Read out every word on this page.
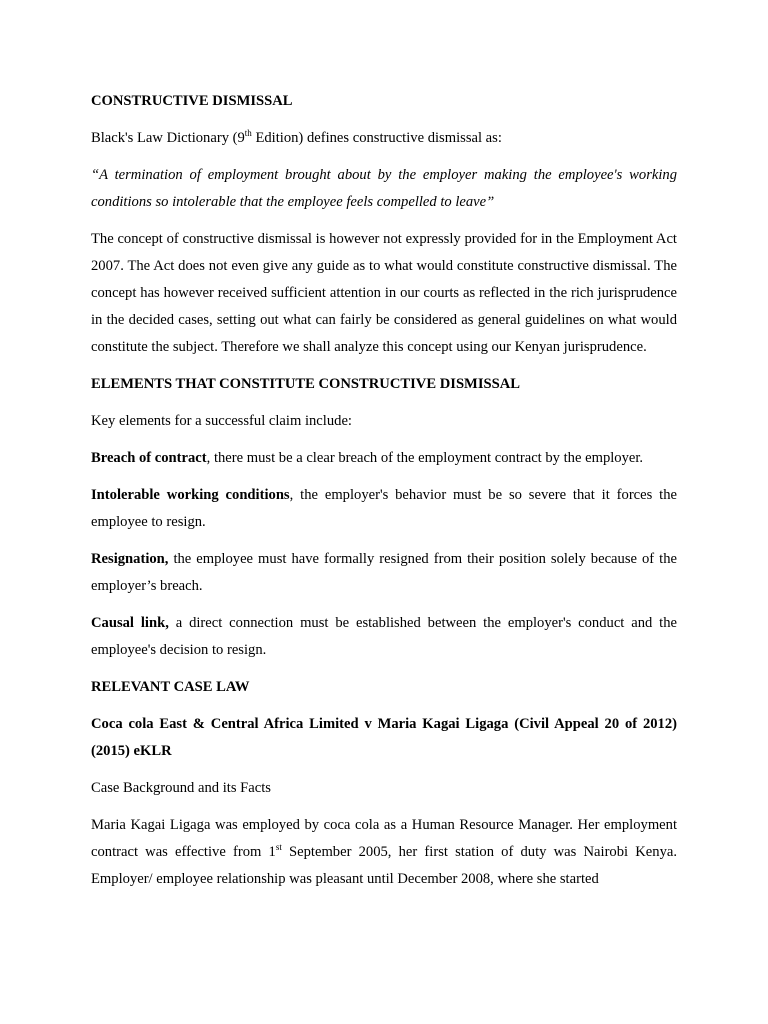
CONSTRUCTIVE DISMISSAL

Black's Law Dictionary (9th Edition) defines constructive dismissal as:

“A termination of employment brought about by the employer making the employee's working conditions so intolerable that the employee feels compelled to leave”

The concept of constructive dismissal is however not expressly provided for in the Employment Act 2007. The Act does not even give any guide as to what would constitute constructive dismissal. The concept has however received sufficient attention in our courts as reflected in the rich jurisprudence in the decided cases, setting out what can fairly be considered as general guidelines on what would constitute the subject. Therefore we shall analyze this concept using our Kenyan jurisprudence.

ELEMENTS THAT CONSTITUTE CONSTRUCTIVE DISMISSAL

Key elements for a successful claim include:

Breach of contract, there must be a clear breach of the employment contract by the employer.

Intolerable working conditions, the employer's behavior must be so severe that it forces the employee to resign.

Resignation, the employee must have formally resigned from their position solely because of the employer’s breach.

Causal link, a direct connection must be established between the employer's conduct and the employee's decision to resign.

RELEVANT CASE LAW

Coca cola East & Central Africa Limited v Maria Kagai Ligaga (Civil Appeal 20 of 2012) (2015) eKLR

Case Background and its Facts

Maria Kagai Ligaga was employed by coca cola as a Human Resource Manager. Her employment contract was effective from 1st September 2005, her first station of duty was Nairobi Kenya. Employer/ employee relationship was pleasant until December 2008, where she started
